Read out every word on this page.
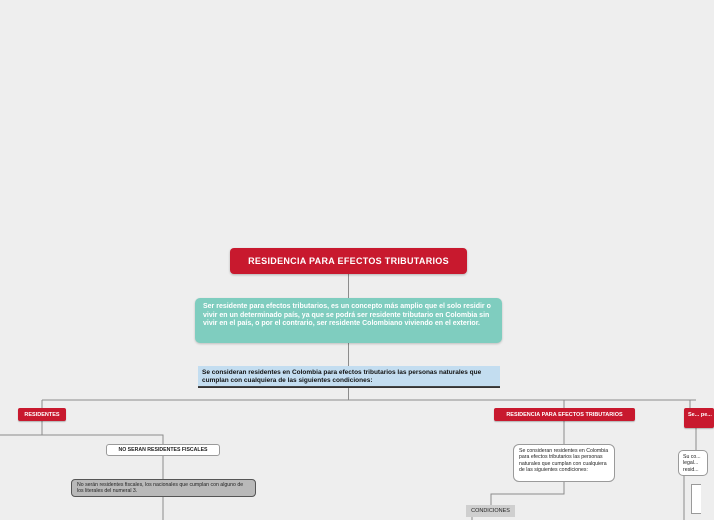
RESIDENCIA PARA EFECTOS TRIBUTARIOS
Ser residente para efectos tributarios, es un concepto más amplio que el solo residir o vivir en un determinado país, ya que se podrá ser residente tributario en Colombia sin vivir en el país, o por el contrario, ser residente Colombiano viviendo en el exterior.
Se consideran residentes en Colombia para efectos tributarios las personas naturales que cumplan con cualquiera de las siguientes condiciones:
RESIDENTES	RESIDENCIA PARA EFECTOS TRIBUTARIOS	Se... pe...
NO SERAN RESIDENTES FISCALES
No serán residentes fiscales, los nacionales que cumplan con alguno de los literales del numeral 3.
Se consideran residentes en Colombia para efectos tributarios las personas naturales que cumplan con cualquiera de las siguientes condiciones:
CONDICIONES
Su co... legal... resid...
